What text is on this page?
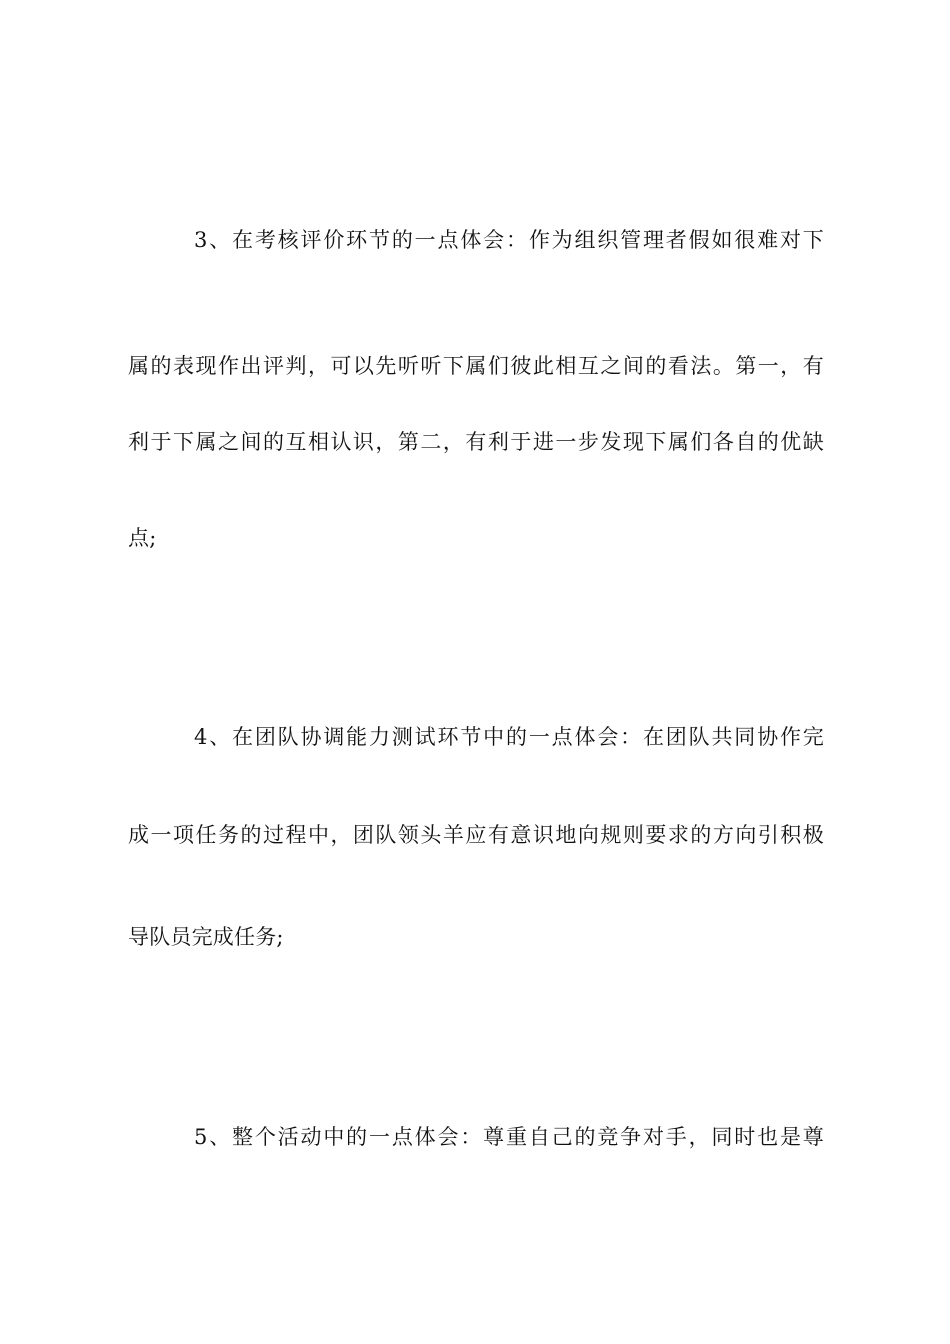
3、在考核评价环节的一点体会：作为组织管理者假如很难对下
属的表现作出评判，可以先听听下属们彼此相互之间的看法。第一，有
利于下属之间的互相认识，第二，有利于进一步发现下属们各自的优缺
点;
4、在团队协调能力测试环节中的一点体会：在团队共同协作完
成一项任务的过程中，团队领头羊应有意识地向规则要求的方向引积极
导队员完成任务;
5、整个活动中的一点体会：尊重自己的竞争对手，同时也是尊
